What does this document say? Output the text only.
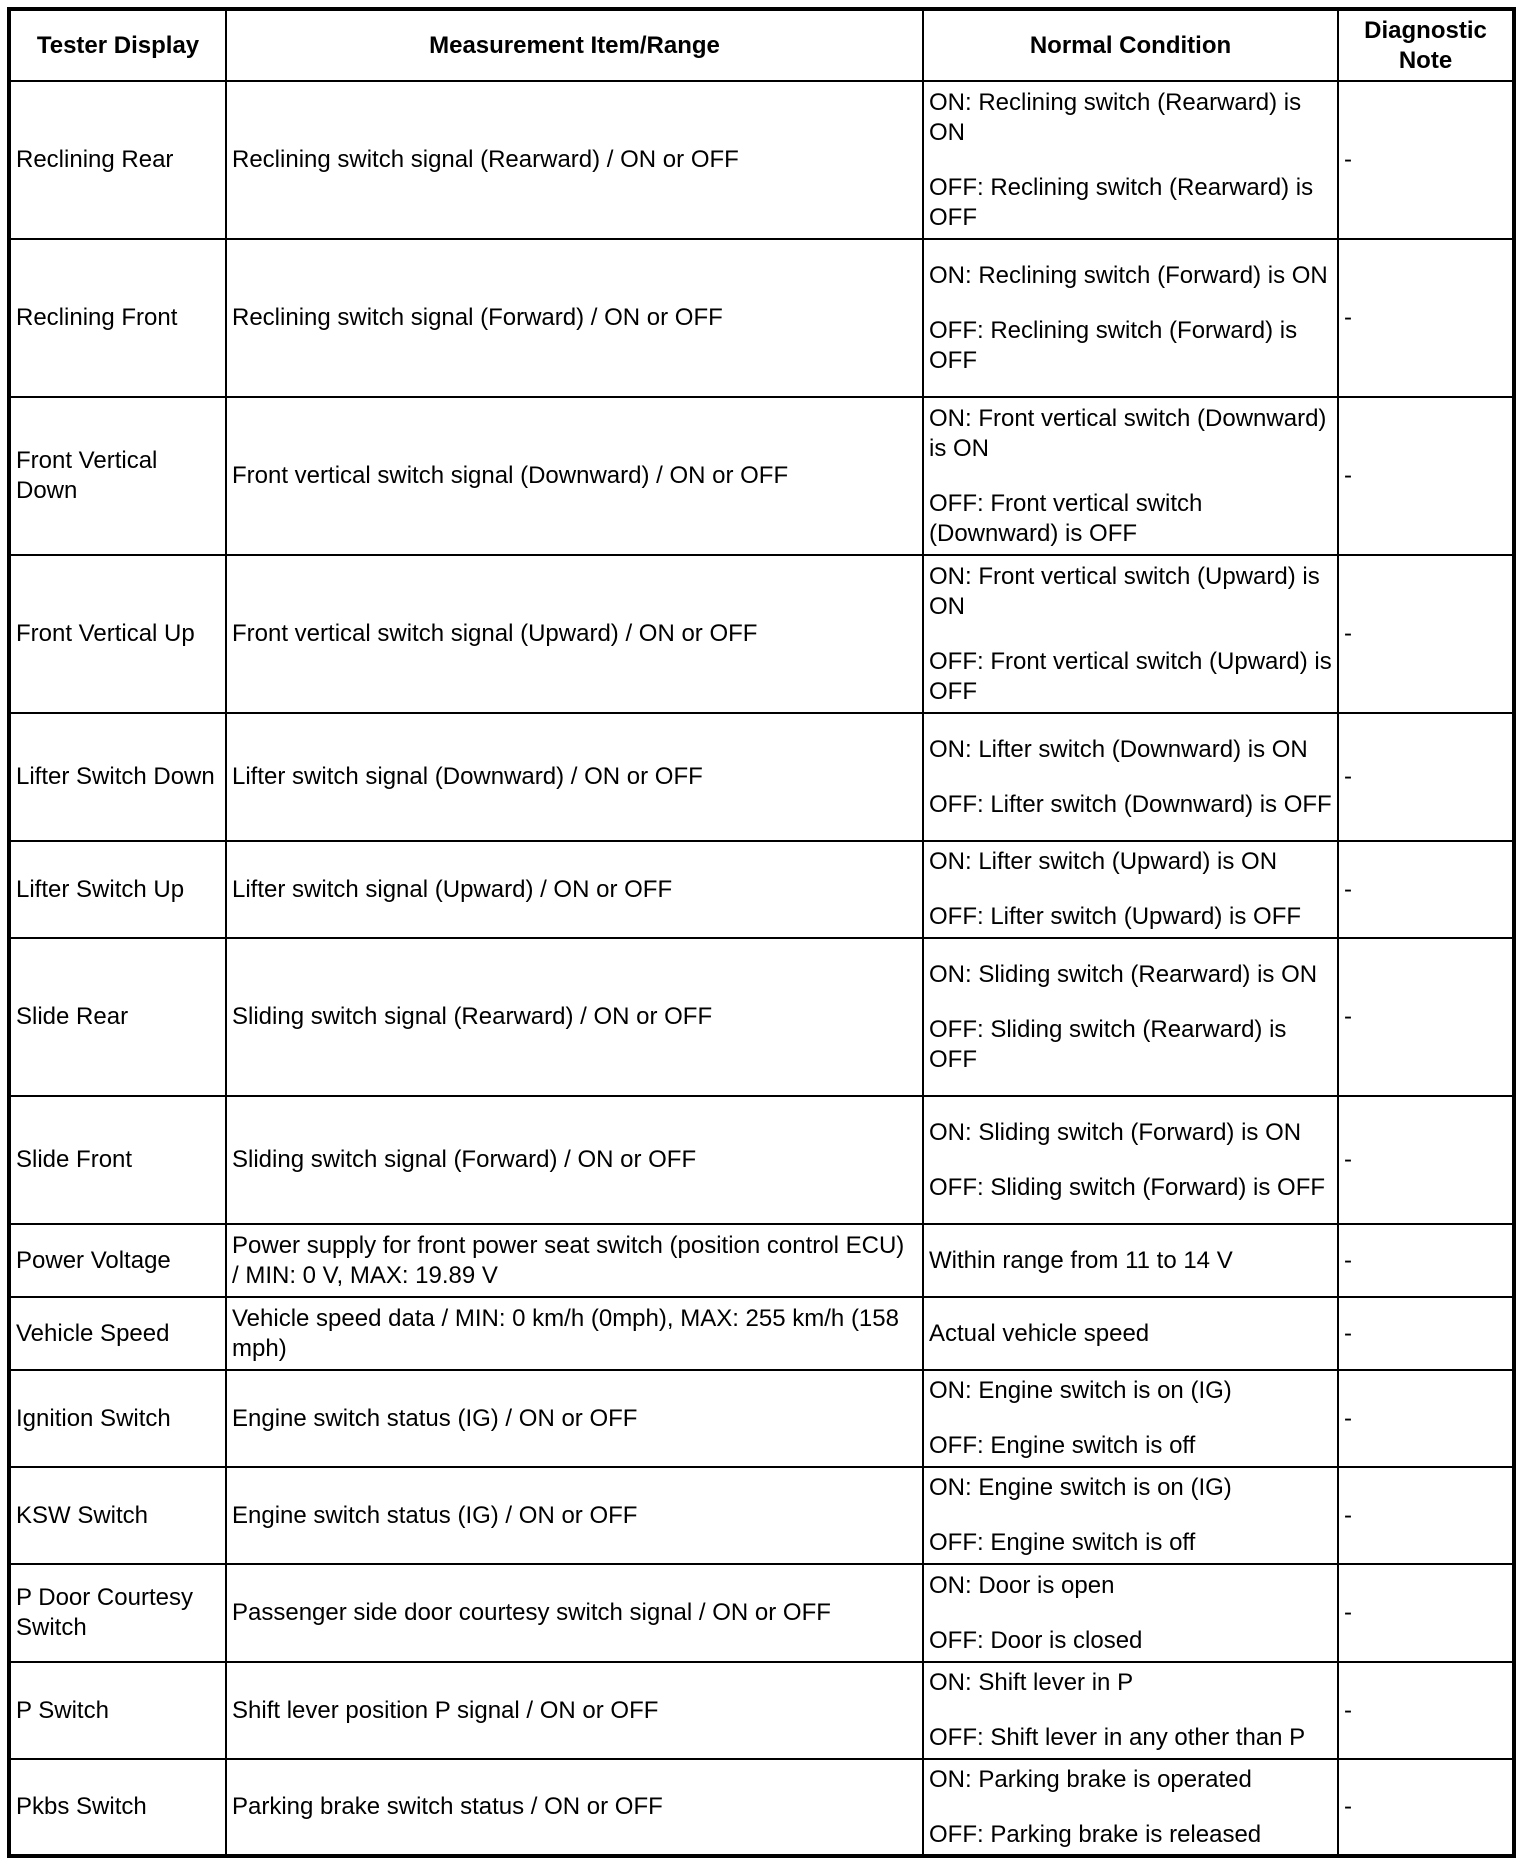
Tester Display	Measurement Item/Range	Normal Condition	Diagnostic Note
Reclining Rear	Reclining switch signal (Rearward) / ON or OFF	ON: Reclining switch (Rearward) is ON
OFF: Reclining switch (Rearward) is OFF	-
Reclining Front	Reclining switch signal (Forward) / ON or OFF	ON: Reclining switch (Forward) is ON
OFF: Reclining switch (Forward) is OFF	-
Front Vertical Down	Front vertical switch signal (Downward) / ON or OFF	ON: Front vertical switch (Downward) is ON
OFF: Front vertical switch (Downward) is OFF	-
Front Vertical Up	Front vertical switch signal (Upward) / ON or OFF	ON: Front vertical switch (Upward) is ON
OFF: Front vertical switch (Upward) is OFF	-
Lifter Switch Down	Lifter switch signal (Downward) / ON or OFF	ON: Lifter switch (Downward) is ON
OFF: Lifter switch (Downward) is OFF	-
Lifter Switch Up	Lifter switch signal (Upward) / ON or OFF	ON: Lifter switch (Upward) is ON
OFF: Lifter switch (Upward) is OFF	-
Slide Rear	Sliding switch signal (Rearward) / ON or OFF	ON: Sliding switch (Rearward) is ON
OFF: Sliding switch (Rearward) is OFF	-
Slide Front	Sliding switch signal (Forward) / ON or OFF	ON: Sliding switch (Forward) is ON
OFF: Sliding switch (Forward) is OFF	-
Power Voltage	Power supply for front power seat switch (position control ECU) / MIN: 0 V, MAX: 19.89 V	Within range from 11 to 14 V	-
Vehicle Speed	Vehicle speed data / MIN: 0 km/h (0mph), MAX: 255 km/h (158 mph)	Actual vehicle speed	-
Ignition Switch	Engine switch status (IG) / ON or OFF	ON: Engine switch is on (IG)
OFF: Engine switch is off	-
KSW Switch	Engine switch status (IG) / ON or OFF	ON: Engine switch is on (IG)
OFF: Engine switch is off	-
P Door Courtesy Switch	Passenger side door courtesy switch signal / ON or OFF	ON: Door is open
OFF: Door is closed	-
P Switch	Shift lever position P signal / ON or OFF	ON: Shift lever in P
OFF: Shift lever in any other than P	-
Pkbs Switch	Parking brake switch status / ON or OFF	ON: Parking brake is operated
OFF: Parking brake is released	-
